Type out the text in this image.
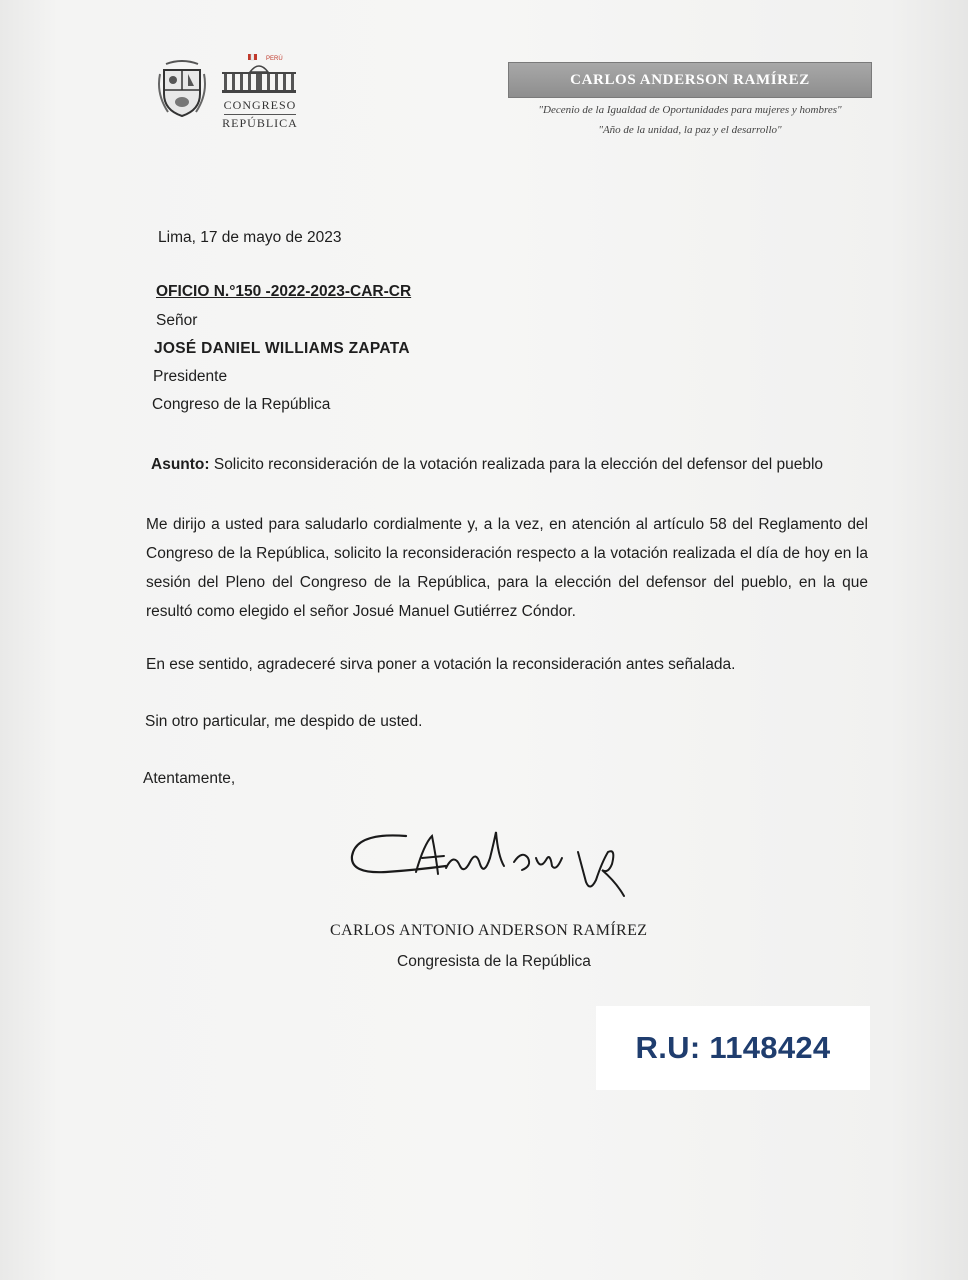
PERÚ
CONGRESO
REPÚBLICA
CARLOS ANDERSON RAMÍREZ
"Decenio de la Igualdad de Oportunidades para mujeres y hombres"
"Año de la unidad, la paz y el desarrollo"
Lima, 17 de mayo de 2023
OFICIO N.°150 -2022-2023-CAR-CR
Señor
JOSÉ DANIEL WILLIAMS ZAPATA
Presidente
Congreso de la República
Asunto: Solicito reconsideración de la votación realizada para la elección del defensor del pueblo
Me dirijo a usted para saludarlo cordialmente y, a la vez, en atención al artículo 58 del Reglamento del Congreso de la República, solicito la reconsideración respecto a la votación realizada el día de hoy en la sesión del Pleno del Congreso de la República, para la elección del defensor del pueblo, en la que resultó como elegido el señor Josué Manuel Gutiérrez Cóndor.
En ese sentido, agradeceré sirva poner a votación la reconsideración antes señalada.
Sin otro particular, me despido de usted.
Atentamente,
CARLOS ANTONIO ANDERSON RAMÍREZ
Congresista de la República
R.U: 1148424
